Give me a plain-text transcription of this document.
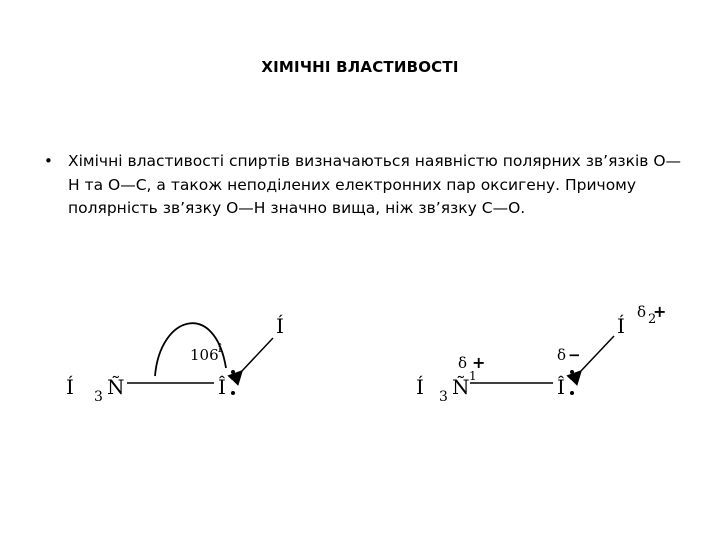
ХІМІЧНІ ВЛАСТИВОСТІ
• Хімічні властивості спиртів визначаються наявністю полярних зв’язків О—Н та О—С, а також неподілених електронних пар оксигену. Причому полярність зв’язку О—Н значно вища, ніж зв’язку С—О.
Í 3 Ñ	Î
Í
106 î
Í 3 Ñ	Î
Í
δ
1
+	δ −
δ 2
+
